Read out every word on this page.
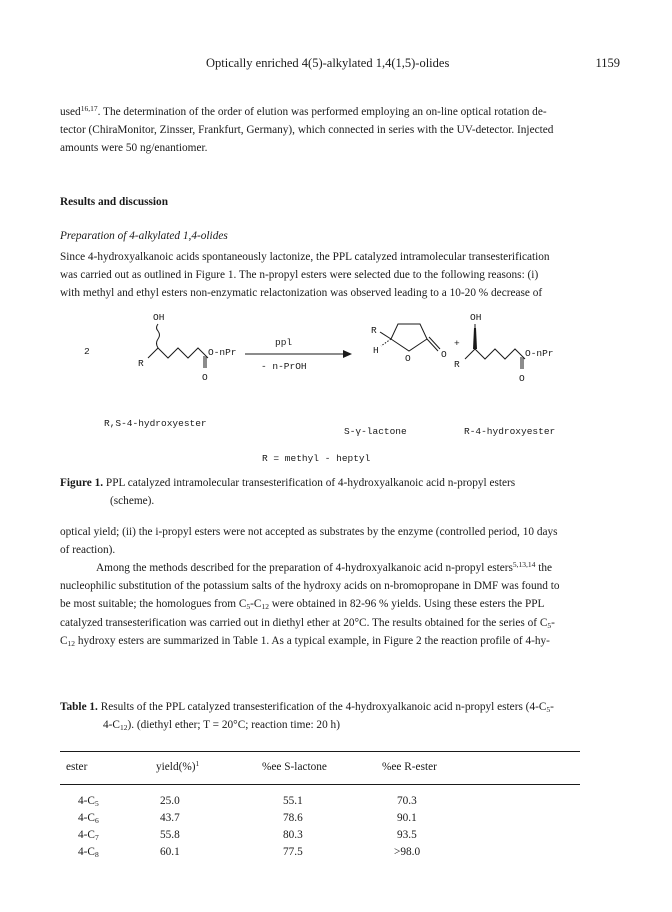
Optically enriched 4(5)-alkylated 1,4(1,5)-olides	1159

used$^{16,17}$. The determination of the order of elution was performed employing an on-line optical rotation de-
tector (ChiraMonitor, Zinsser, Frankfurt, Germany), which connected in series with the UV-detector. Injected
amounts were 50 ng/enantiomer.

Results and discussion

Preparation of 4-alkylated 1,4-olides

Since 4-hydroxyalkanoic acids spontaneously lactonize, the PPL catalyzed intramolecular transesterification
was carried out as outlined in Figure 1. The n-propyl esters were selected due to the following reasons: (i)
with methyl and ethyl esters non-enzymatic relactonization was observed leading to a 10-20 % decrease of

2
OH
R
O-nPr
O
ppl
- n-PrOH
R
H
O	O
+
OH
R
O-nPr
O
R,S-4-hydroxyester
S-γ-lactone	R-4-hydroxyester
R = methyl - heptyl

Figure 1. PPL catalyzed intramolecular transesterification of 4-hydroxyalkanoic acid n-propyl esters
(scheme).

optical yield; (ii) the i-propyl esters were not accepted as substrates by the enzyme (controlled period, 10 days
of reaction).

Among the methods described for the preparation of 4-hydroxyalkanoic acid n-propyl esters$^{5,13,14}$ the
nucleophilic substitution of the potassium salts of the hydroxy acids on n-bromopropane in DMF was found to
be most suitable; the homologues from $C_5-C_{12}$ were obtained in 82-96 % yields. Using these esters the PPL
catalyzed transesterification was carried out in diethyl ether at 20°C. The results obtained for the series of $C_5-$
$C_{12}$ hydroxy esters are summarized in Table 1. As a typical example, in Figure 2 the reaction profile of 4-hy-

Table 1. Results of the PPL catalyzed transesterification of the 4-hydroxyalkanoic acid n-propyl esters ($4-C_5-$
$4-C_{12}$). (diethyl ether; T = 20°C; reaction time: 20 h)

ester	yield(%)$^1$	%ee S-lactone	%ee R-ester
$4-C_5$	25.0	55.1	70.3
$4-C_6$	43.7	78.6	90.1
$4-C_7$	55.8	80.3	93.5
$4-C_8$	60.1	77.5	>98.0
